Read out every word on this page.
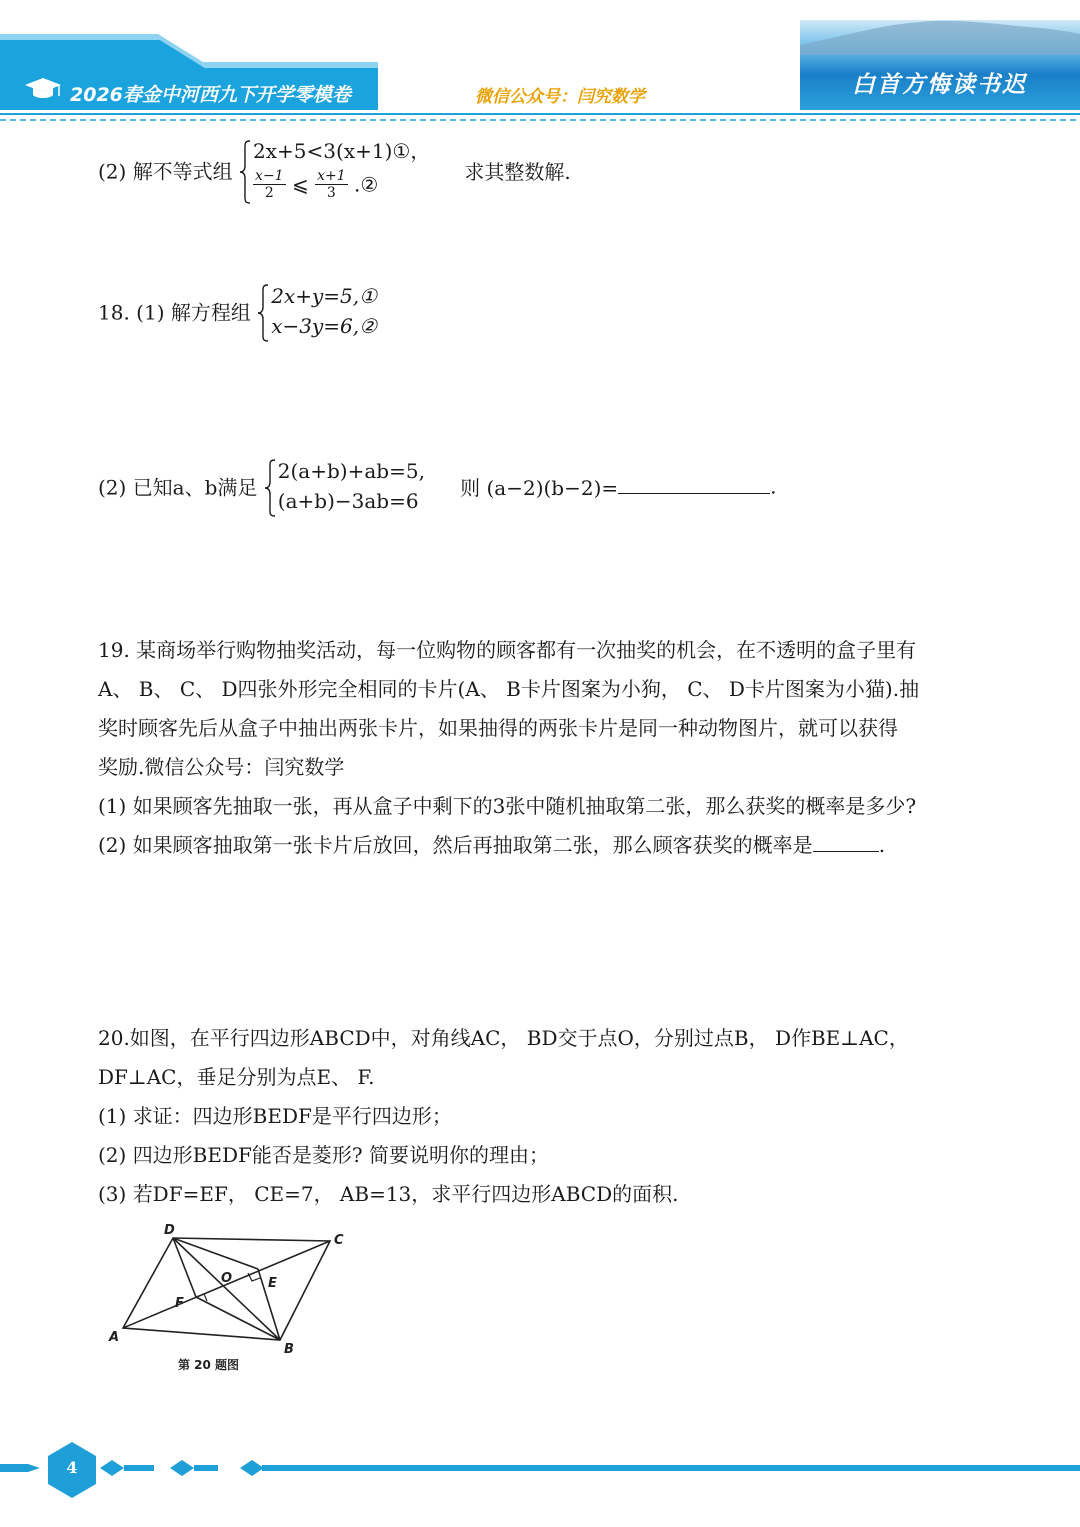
2026春金中河西九下开学零模卷	微信公众号：闫究数学	白首方悔读书迟
(2) 解不等式组
2x+5<3(x+1)①，
$\frac{x-1}{2}$ ⩽ $\frac{x+1}{3}$ .②
求其整数解.
18. (1) 解方程组
2x+y=5,①
x−3y=6,②
(2) 已知a、b满足
2(a+b)+ab=5,
(a+b)−3ab=6
则 (a−2)(b−2)=	.
19. 某商场举行购物抽奖活动，每一位购物的顾客都有一次抽奖的机会，在不透明的盒子里有
A、 B、 C、 D四张外形完全相同的卡片(A、 B卡片图案为小狗， C、 D卡片图案为小猫).抽
奖时顾客先后从盒子中抽出两张卡片，如果抽得的两张卡片是同一种动物图片，就可以获得
奖励.微信公众号：闫究数学
(1) 如果顾客先抽取一张，再从盒子中剩下的3张中随机抽取第二张，那么获奖的概率是多少?
(2) 如果顾客抽取第一张卡片后放回，然后再抽取第二张，那么顾客获奖的概率是	.
20.如图，在平行四边形ABCD中，对角线AC， BD交于点O，分别过点B， D作BE⊥AC，
DF⊥AC，垂足分别为点E、 F.
(1) 求证：四边形BEDF是平行四边形；
(2) 四边形BEDF能否是菱形? 简要说明你的理由；
(3) 若DF=EF， CE=7， AB=13，求平行四边形ABCD的面积.
A
B
C
D
O	E
F
第 20 题图
4
